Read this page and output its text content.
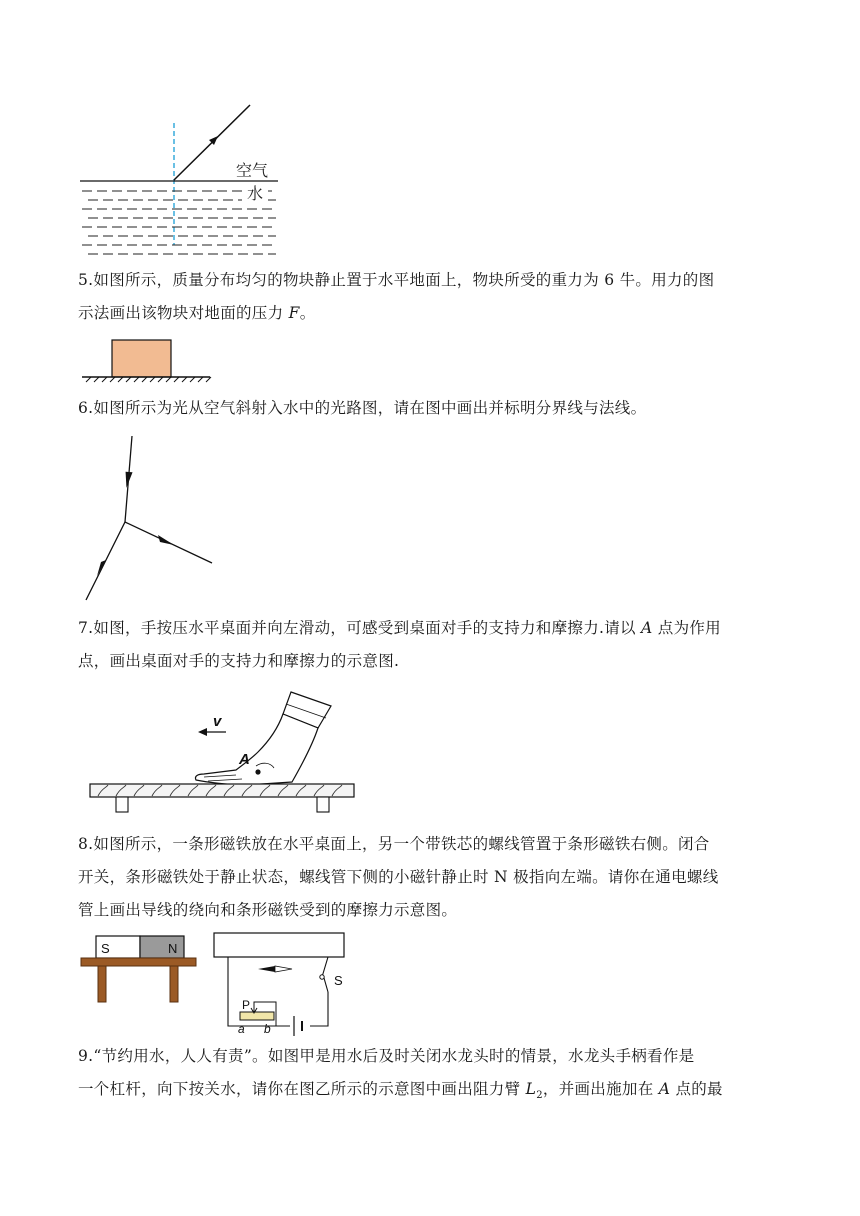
空气
水
5.如图所示，质量分布均匀的物块静止置于水平地面上，物块所受的重力为 6 牛。用力的图
示法画出该物块对地面的压力 F。
6.如图所示为光从空气斜射入水中的光路图，请在图中画出并标明分界线与法线。
7.如图，手按压水平桌面并向左滑动，可感受到桌面对手的支持力和摩擦力.请以 A 点为作用
点，画出桌面对手的支持力和摩擦力的示意图.
v
A
8.如图所示，一条形磁铁放在水平桌面上，另一个带铁芯的螺线管置于条形磁铁右侧。闭合
开关，条形磁铁处于静止状态，螺线管下侧的小磁针静止时 N 极指向左端。请你在通电螺线
管上画出导线的绕向和条形磁铁受到的摩擦力示意图。
S	N
S
P
a b
9.“节约用水，人人有责”。如图甲是用水后及时关闭水龙头时的情景，水龙头手柄看作是
一个杠杆，向下按关水，请你在图乙所示的示意图中画出阻力臂 $L_2$，并画出施加在 A 点的最
